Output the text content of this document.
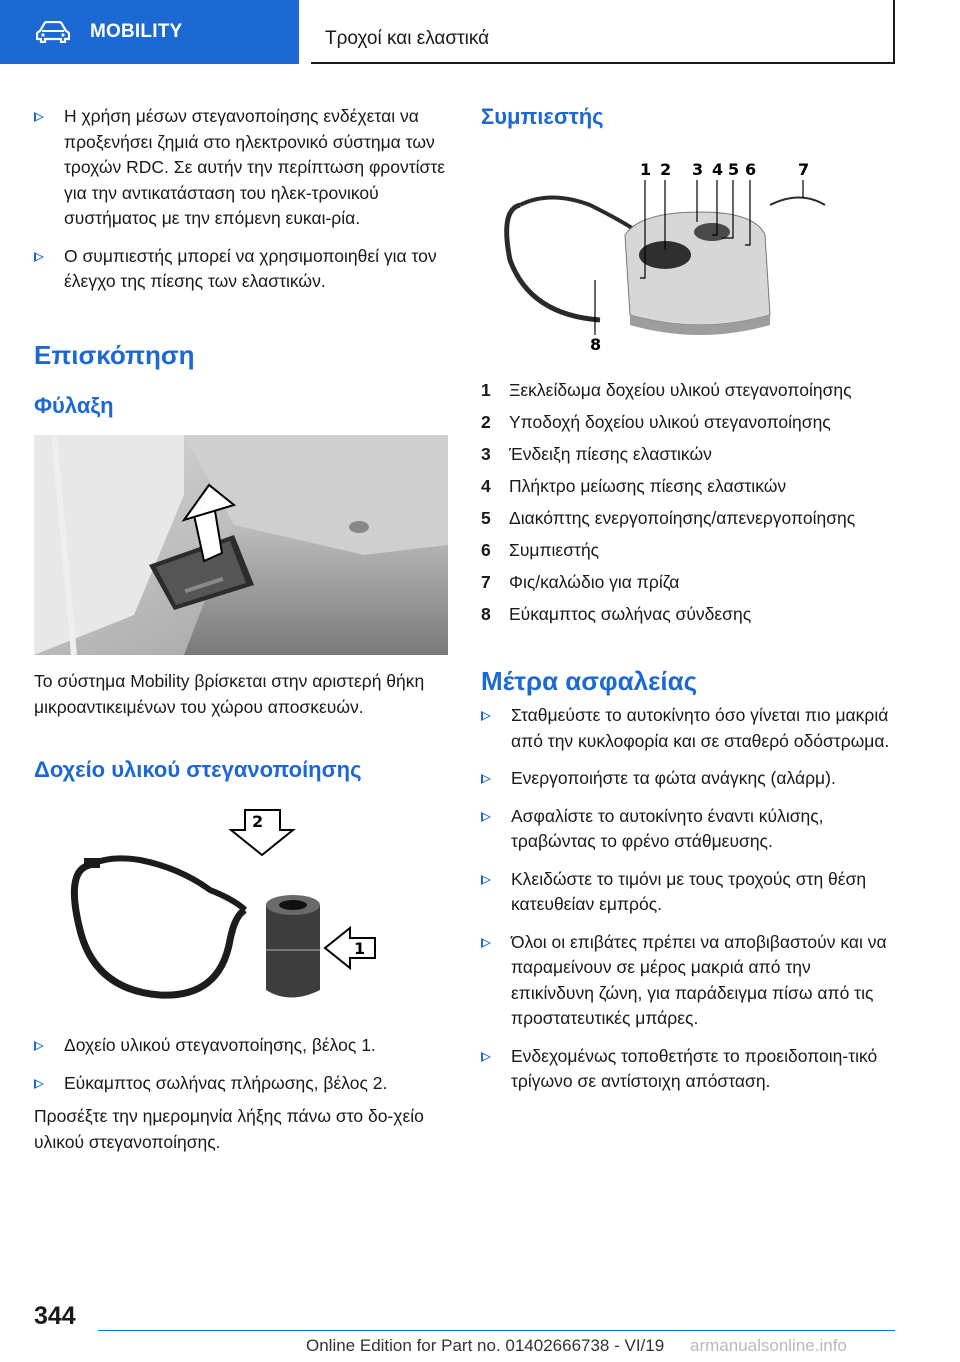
MOBILITY	Τροχοί και ελαστικά

Η χρήση μέσων στεγανοποίησης ενδέχεται να προξενήσει ζημιά στο ηλεκτρονικό σύστημα των τροχών RDC. Σε αυτήν την περίπτωση φροντίστε για την αντικατάσταση του ηλεκ‐τρονικού συστήματος με την επόμενη ευκαι‐ρία.

Ο συμπιεστής μπορεί να χρησιμοποιηθεί για τον έλεγχο της πίεσης των ελαστικών.

Επισκόπηση
Φύλαξη

Το σύστημα Mobility βρίσκεται στην αριστερή θήκη μικροαντικειμένων του χώρου αποσκευών.

Δοχείο υλικού στεγανοποίησης
2
1

Δοχείο υλικού στεγανοποίησης, βέλος 1.

Εύκαμπτος σωλήνας πλήρωσης, βέλος 2.

Προσέξτε την ημερομηνία λήξης πάνω στο δο‐χείο υλικού στεγανοποίησης.

Συμπιεστής
1 2 3 4 5 6	7
8
1 Ξεκλείδωμα δοχείου υλικού στεγανοποίησης
2 Υποδοχή δοχείου υλικού στεγανοποίησης
3 Ένδειξη πίεσης ελαστικών
4 Πλήκτρο μείωσης πίεσης ελαστικών
5 Διακόπτης ενεργοποίησης/απενεργοποίησης
6 Συμπιεστής
7 Φις/καλώδιο για πρίζα
8 Εύκαμπτος σωλήνας σύνδεσης
Μέτρα ασφαλείας

Σταθμεύστε το αυτοκίνητο όσο γίνεται πιο μακριά από την κυκλοφορία και σε σταθερό οδόστρωμα.

Ενεργοποιήστε τα φώτα ανάγκης (αλάρμ).

Ασφαλίστε το αυτοκίνητο έναντι κύλισης, τραβώντας το φρένο στάθμευσης.

Κλειδώστε το τιμόνι με τους τροχούς στη θέση κατευθείαν εμπρός.

Όλοι οι επιβάτες πρέπει να αποβιβαστούν και να παραμείνουν σε μέρος μακριά από την επικίνδυνη ζώνη, για παράδειγμα πίσω από τις προστατευτικές μπάρες.

Ενδεχομένως τοποθετήστε το προειδοποιη‐τικό τρίγωνο σε αντίστοιχη απόσταση.

344
Online Edition for Part no. 01402666738 - VI/19 armanualsonline.info
